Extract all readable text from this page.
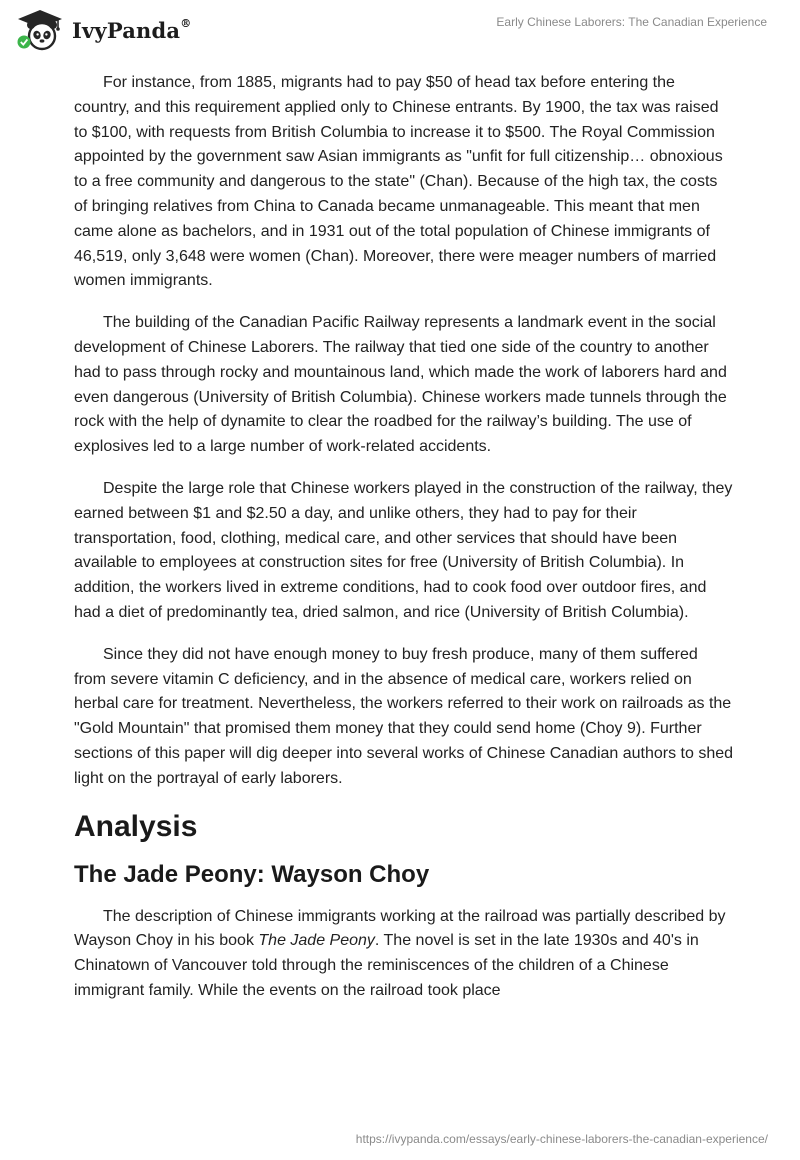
IvyPanda®	Early Chinese Laborers: The Canadian Experience

For instance, from 1885, migrants had to pay $50 of head tax before entering the country, and this requirement applied only to Chinese entrants. By 1900, the tax was raised to $100, with requests from British Columbia to increase it to $500. The Royal Commission appointed by the government saw Asian immigrants as "unfit for full citizenship… obnoxious to a free community and dangerous to the state" (Chan). Because of the high tax, the costs of bringing relatives from China to Canada became unmanageable. This meant that men came alone as bachelors, and in 1931 out of the total population of Chinese immigrants of 46,519, only 3,648 were women (Chan). Moreover, there were meager numbers of married women immigrants.

The building of the Canadian Pacific Railway represents a landmark event in the social development of Chinese Laborers. The railway that tied one side of the country to another had to pass through rocky and mountainous land, which made the work of laborers hard and even dangerous (University of British Columbia). Chinese workers made tunnels through the rock with the help of dynamite to clear the roadbed for the railway’s building. The use of explosives led to a large number of work-related accidents.

Despite the large role that Chinese workers played in the construction of the railway, they earned between $1 and $2.50 a day, and unlike others, they had to pay for their transportation, food, clothing, medical care, and other services that should have been available to employees at construction sites for free (University of British Columbia). In addition, the workers lived in extreme conditions, had to cook food over outdoor fires, and had a diet of predominantly tea, dried salmon, and rice (University of British Columbia).

Since they did not have enough money to buy fresh produce, many of them suffered from severe vitamin C deficiency, and in the absence of medical care, workers relied on herbal care for treatment. Nevertheless, the workers referred to their work on railroads as the "Gold Mountain" that promised them money that they could send home (Choy 9). Further sections of this paper will dig deeper into several works of Chinese Canadian authors to shed light on the portrayal of early laborers.

Analysis
The Jade Peony: Wayson Choy

The description of Chinese immigrants working at the railroad was partially described by Wayson Choy in his book The Jade Peony. The novel is set in the late 1930s and 40's in Chinatown of Vancouver told through the reminiscences of the children of a Chinese immigrant family. While the events on the railroad took place

https://ivypanda.com/essays/early-chinese-laborers-the-canadian-experience/
